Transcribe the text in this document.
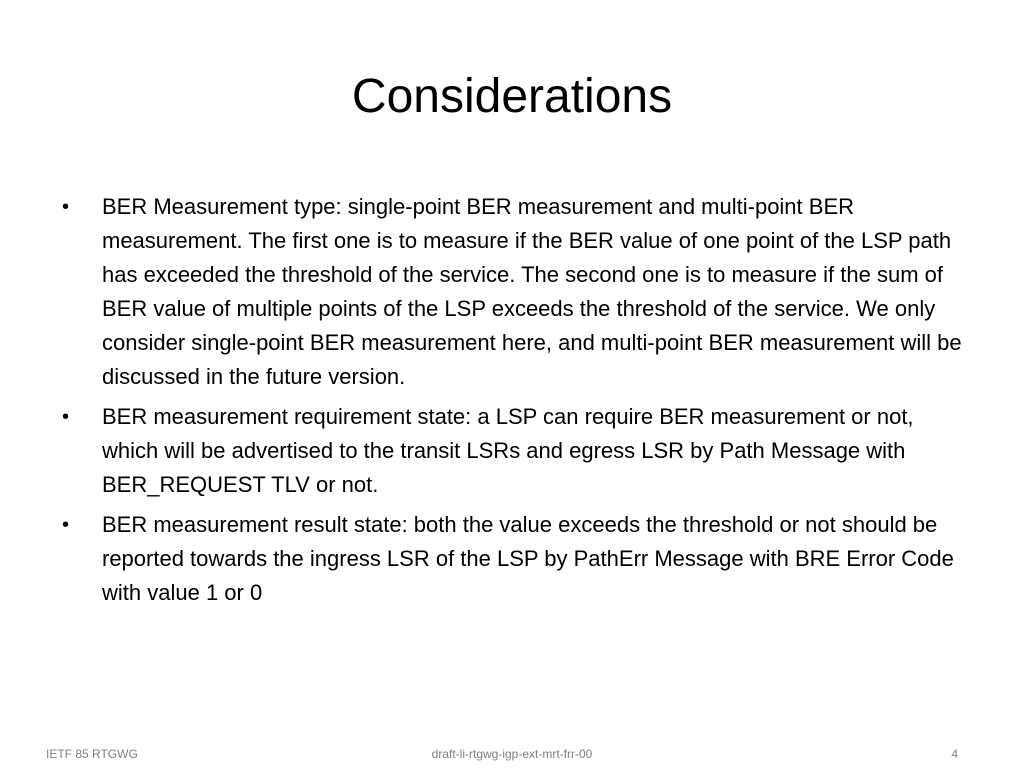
Considerations
• BER Measurement type: single-point BER measurement and multi-point BER measurement. The first one is to measure if the BER value of one point of the LSP path has exceeded the threshold of the service. The second one is to measure if the sum of BER value of multiple points of the LSP exceeds the threshold of the service. We only consider single-point BER measurement here, and multi-point BER measurement will be discussed in the future version.
• BER measurement requirement state: a LSP can require BER measurement or not, which will be advertised to the transit LSRs and egress LSR by Path Message with BER_REQUEST TLV or not.
• BER measurement result state: both the value exceeds the threshold or not should be reported towards the ingress LSR of the LSP by PathErr Message with BRE Error Code with value 1 or 0
IETF 85 RTGWG	draft-li-rtgwg-igp-ext-mrt-frr-00	4
